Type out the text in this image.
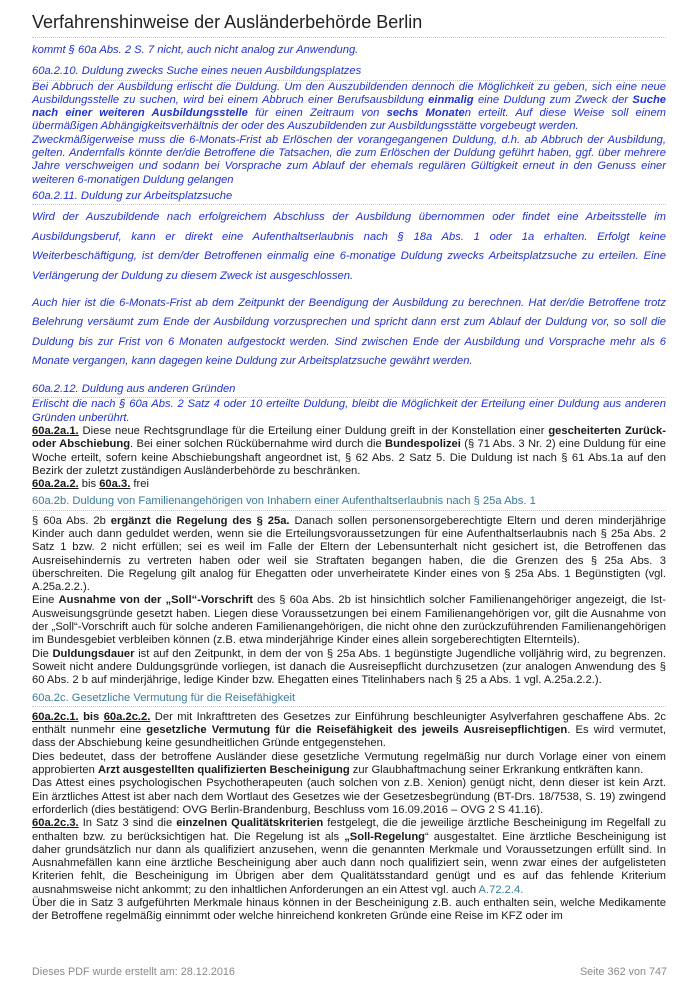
Verfahrenshinweise der Ausländerbehörde Berlin

kommt § 60a Abs. 2 S. 7 nicht, auch nicht analog zur Anwendung.

60a.2.10. Duldung zwecks Suche eines neuen Ausbildungsplatzes

Bei Abbruch der Ausbildung erlischt die Duldung. Um den Auszubildenden dennoch die Möglichkeit zu geben, sich eine neue Ausbildungsstelle zu suchen, wird bei einem Abbruch einer Berufsausbildung einmalig eine Duldung zum Zweck der Suche nach einer weiteren Ausbildungsstelle für einen Zeitraum von sechs Monaten erteilt. Auf diese Weise soll einem übermäßigen Abhängigkeitsverhältnis der oder des Auszubildenden zur Ausbildungsstätte vorgebeugt werden.

Zweckmäßigerweise muss die 6-Monats-Frist ab Erlöschen der vorangegangenen Duldung, d.h. ab Abbruch der Ausbildung, gelten. Andernfalls könnte der/die Betroffene die Tatsachen, die zum Erlöschen der Duldung geführt haben, ggf. über mehrere Jahre verschweigen und sodann bei Vorsprache zum Ablauf der ehemals regulären Gültigkeit erneut in den Genuss einer weiteren 6-monatigen Duldung gelangen

60a.2.11. Duldung zur Arbeitsplatzsuche

Wird der Auszubildende nach erfolgreichem Abschluss der Ausbildung übernommen oder findet eine Arbeitsstelle im Ausbildungsberuf, kann er direkt eine Aufenthaltserlaubnis nach § 18a Abs. 1 oder 1a erhalten. Erfolgt keine Weiterbeschäftigung, ist dem/der Betroffenen einmalig eine 6-monatige Duldung zwecks Arbeitsplatzsuche zu erteilen. Eine Verlängerung der Duldung zu diesem Zweck ist ausgeschlossen.

Auch hier ist die 6-Monats-Frist ab dem Zeitpunkt der Beendigung der Ausbildung zu berechnen. Hat der/die Betroffene trotz Belehrung versäumt zum Ende der Ausbildung vorzusprechen und spricht dann erst zum Ablauf der Duldung vor, so soll die Duldung bis zur Frist von 6 Monaten aufgestockt werden. Sind zwischen Ende der Ausbildung und Vorsprache mehr als 6 Monate vergangen, kann dagegen keine Duldung zur Arbeitsplatzsuche gewährt werden.

60a.2.12. Duldung aus anderen Gründen

Erlischt die nach § 60a Abs. 2 Satz 4 oder 10 erteilte Duldung, bleibt die Möglichkeit der Erteilung einer Duldung aus anderen Gründen unberührt.

60a.2a.1. Diese neue Rechtsgrundlage für die Erteilung einer Duldung greift in der Konstellation einer gescheiterten Zurück- oder Abschiebung. Bei einer solchen Rückübernahme wird durch die Bundespolizei (§ 71 Abs. 3 Nr. 2) eine Duldung für eine Woche erteilt, sofern keine Abschiebungshaft angeordnet ist, § 62 Abs. 2 Satz 5. Die Duldung ist nach § 61 Abs.1a auf den Bezirk der zuletzt zuständigen Ausländerbehörde zu beschränken.

60a.2a.2. bis 60a.3. frei

60a.2b. Duldung von Familienangehörigen von Inhabern einer Aufenthaltserlaubnis nach § 25a Abs. 1

§ 60a Abs. 2b ergänzt die Regelung des § 25a. Danach sollen personensorgeberechtigte Eltern und deren minderjährige Kinder auch dann geduldet werden, wenn sie die Erteilungsvoraussetzungen für eine Aufenthaltserlaubnis nach § 25a Abs. 2 Satz 1 bzw. 2 nicht erfüllen; sei es weil im Falle der Eltern der Lebensunterhalt nicht gesichert ist, die Betroffenen das Ausreisehindernis zu vertreten haben oder weil sie Straftaten begangen haben, die die Grenzen des § 25a Abs. 3 überschreiten. Die Regelung gilt analog für Ehegatten oder unverheiratete Kinder eines von § 25a Abs. 1 Begünstigten (vgl. A.25a.2.2.).

Eine Ausnahme von der „Soll“-Vorschrift des § 60a Abs. 2b ist hinsichtlich solcher Familienangehöriger angezeigt, die Ist- Ausweisungsgründe gesetzt haben. Liegen diese Voraussetzungen bei einem Familienangehörigen vor, gilt die Ausnahme von der „Soll“-Vorschrift auch für solche anderen Familienangehörigen, die nicht ohne den zurückzuführenden Familienangehörigen im Bundesgebiet verbleiben können (z.B. etwa minderjährige Kinder eines allein sorgeberechtigten Elternteils).

Die Duldungsdauer ist auf den Zeitpunkt, in dem der von § 25a Abs. 1 begünstigte Jugendliche volljährig wird, zu begrenzen. Soweit nicht andere Duldungsgründe vorliegen, ist danach die Ausreisepflicht durchzusetzen (zur analogen Anwendung des § 60 Abs. 2 b auf minderjährige, ledige Kinder bzw. Ehegatten eines Titelinhabers nach § 25 a Abs. 1 vgl. A.25a.2.2.).

60a.2c. Gesetzliche Vermutung für die Reisefähigkeit

60a.2c.1. bis 60a.2c.2. Der mit Inkrafttreten des Gesetzes zur Einführung beschleunigter Asylverfahren geschaffene Abs. 2c enthält nunmehr eine gesetzliche Vermutung für die Reisefähigkeit des jeweils Ausreisepflichtigen. Es wird vermutet, dass der Abschiebung keine gesundheitlichen Gründe entgegenstehen.

Dies bedeutet, dass der betroffene Ausländer diese gesetzliche Vermutung regelmäßig nur durch Vorlage einer von einem approbierten Arzt ausgestellten qualifizierten Bescheinigung zur Glaubhaftmachung seiner Erkrankung entkräften kann.

Das Attest eines psychologischen Psychotherapeuten (auch solchen von z.B. Xenion) genügt nicht, denn dieser ist kein Arzt. Ein ärztliches Attest ist aber nach dem Wortlaut des Gesetzes wie der Gesetzesbegründung (BT-Drs. 18/7538, S. 19) zwingend erforderlich (dies bestätigend: OVG Berlin-Brandenburg, Beschluss vom 16.09.2016 – OVG 2 S 41.16).

60a.2c.3. In Satz 3 sind die einzelnen Qualitätskriterien festgelegt, die die jeweilige ärztliche Bescheinigung im Regelfall zu enthalten bzw. zu berücksichtigen hat. Die Regelung ist als „Soll-Regelung“ ausgestaltet. Eine ärztliche Bescheinigung ist daher grundsätzlich nur dann als qualifiziert anzusehen, wenn die genannten Merkmale und Voraussetzungen erfüllt sind. In Ausnahmefällen kann eine ärztliche Bescheinigung aber auch dann noch qualifiziert sein, wenn zwar eines der aufgelisteten Kriterien fehlt, die Bescheinigung im Übrigen aber dem Qualitätsstandard genügt und es auf das fehlende Kriterium ausnahmsweise nicht ankommt; zu den inhaltlichen Anforderungen an ein Attest vgl. auch A.72.2.4.

Über die in Satz 3 aufgeführten Merkmale hinaus können in der Bescheinigung z.B. auch enthalten sein, welche Medikamente der Betroffene regelmäßig einnimmt oder welche hinreichend konkreten Gründe eine Reise im KFZ oder im

Dieses PDF wurde erstellt am: 28.12.2016	Seite 362 von 747
